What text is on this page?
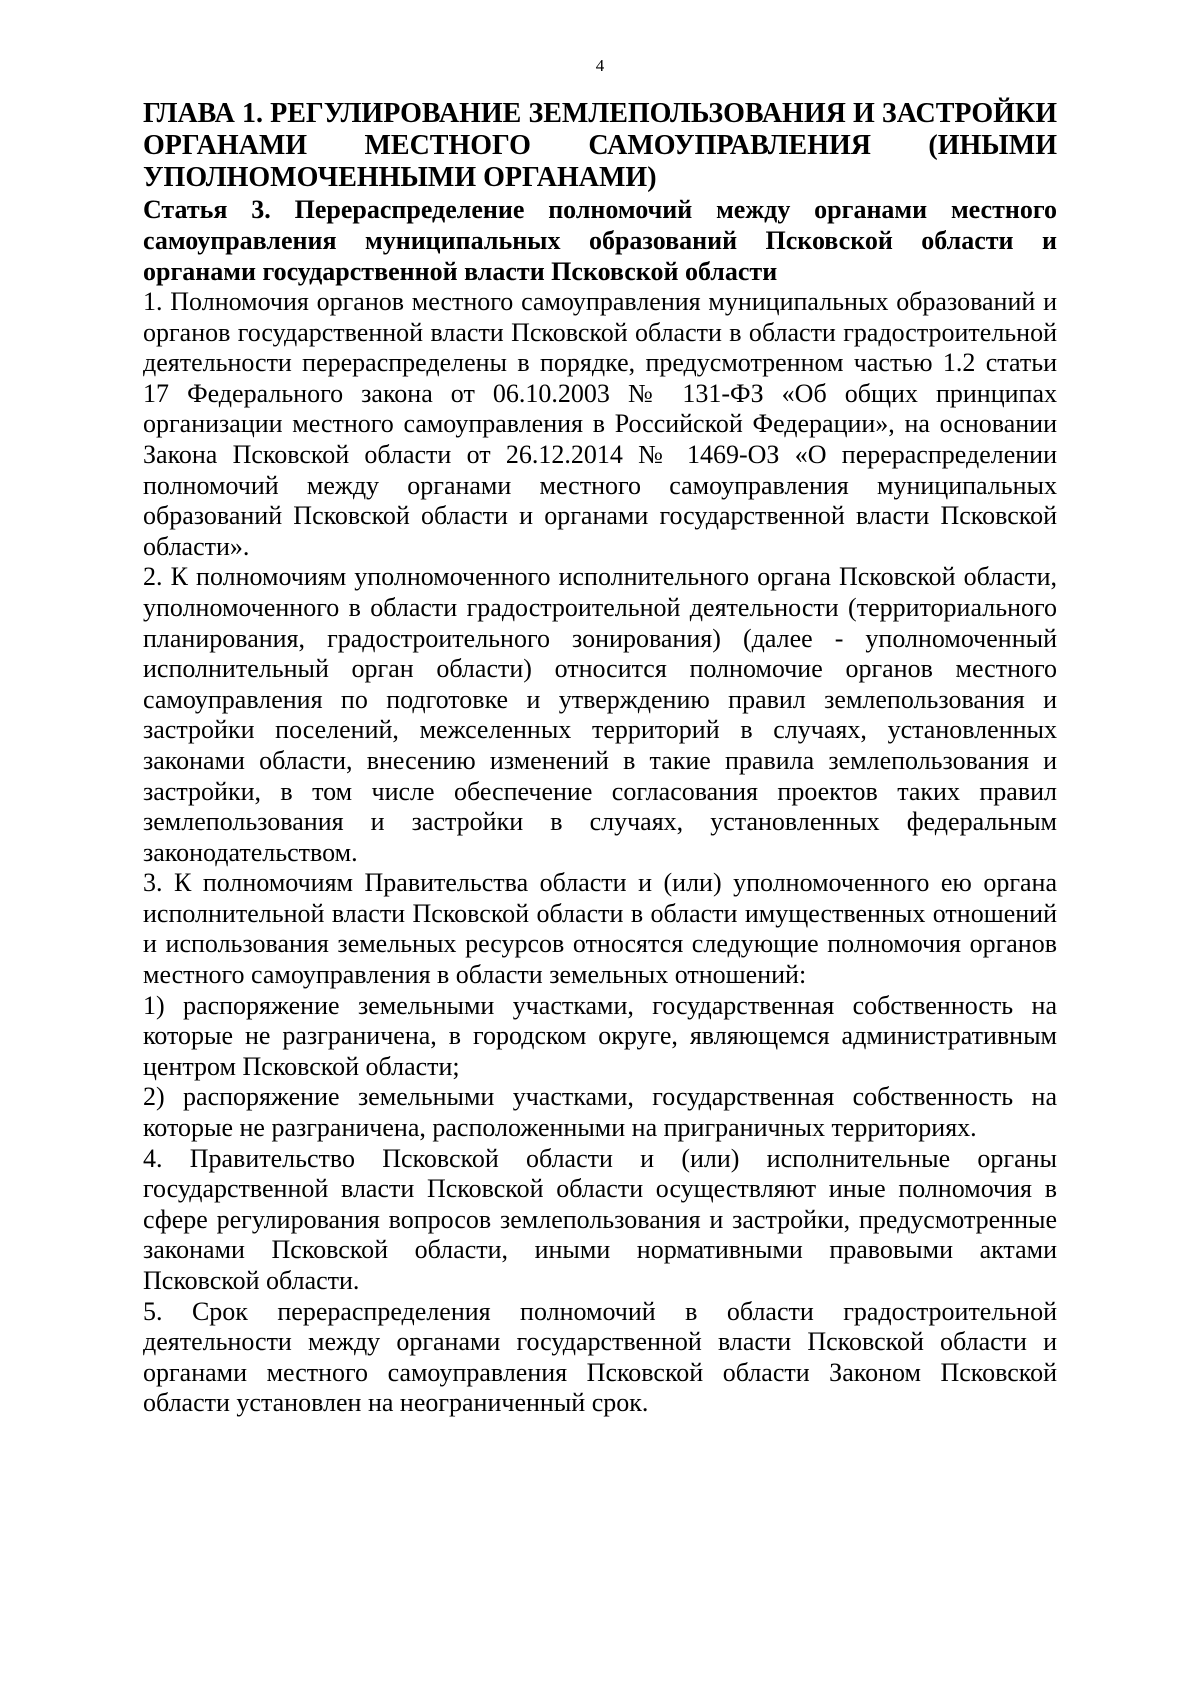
4
ГЛАВА 1. РЕГУЛИРОВАНИЕ ЗЕМЛЕПОЛЬЗОВАНИЯ И ЗАСТРОЙКИ ОРГАНАМИ МЕСТНОГО САМОУПРАВЛЕНИЯ (ИНЫМИ УПОЛНОМОЧЕННЫМИ ОРГАНАМИ)
Статья 3. Перераспределение полномочий между органами местного самоуправления муниципальных образований Псковской области и органами государственной власти Псковской области

1. Полномочия органов местного самоуправления муниципальных образований и органов государственной власти Псковской области в области градостроительной деятельности перераспределены в порядке, предусмотренном частью 1.2 статьи 17 Федерального закона от 06.10.2003 № 131-ФЗ «Об общих принципах организации местного самоуправления в Российской Федерации», на основании Закона Псковской области от 26.12.2014 № 1469-ОЗ «О перераспределении полномочий между органами местного самоуправления муниципальных образований Псковской области и органами государственной власти Псковской области».

2. К полномочиям уполномоченного исполнительного органа Псковской области, уполномоченного в области градостроительной деятельности (территориального планирования, градостроительного зонирования) (далее - уполномоченный исполнительный орган области) относится полномочие органов местного самоуправления по подготовке и утверждению правил землепользования и застройки поселений, межселенных территорий в случаях, установленных законами области, внесению изменений в такие правила землепользования и застройки, в том числе обеспечение согласования проектов таких правил землепользования и застройки в случаях, установленных федеральным законодательством.

3. К полномочиям Правительства области и (или) уполномоченного ею органа исполнительной власти Псковской области в области имущественных отношений и использования земельных ресурсов относятся следующие полномочия органов местного самоуправления в области земельных отношений:

1) распоряжение земельными участками, государственная собственность на которые не разграничена, в городском округе, являющемся административным центром Псковской области;

2) распоряжение земельными участками, государственная собственность на которые не разграничена, расположенными на приграничных территориях.

4. Правительство Псковской области и (или) исполнительные органы государственной власти Псковской области осуществляют иные полномочия в сфере регулирования вопросов землепользования и застройки, предусмотренные законами Псковской области, иными нормативными правовыми актами Псковской области.

5. Срок перераспределения полномочий в области градостроительной деятельности между органами государственной власти Псковской области и органами местного самоуправления Псковской области Законом Псковской области установлен на неограниченный срок.
